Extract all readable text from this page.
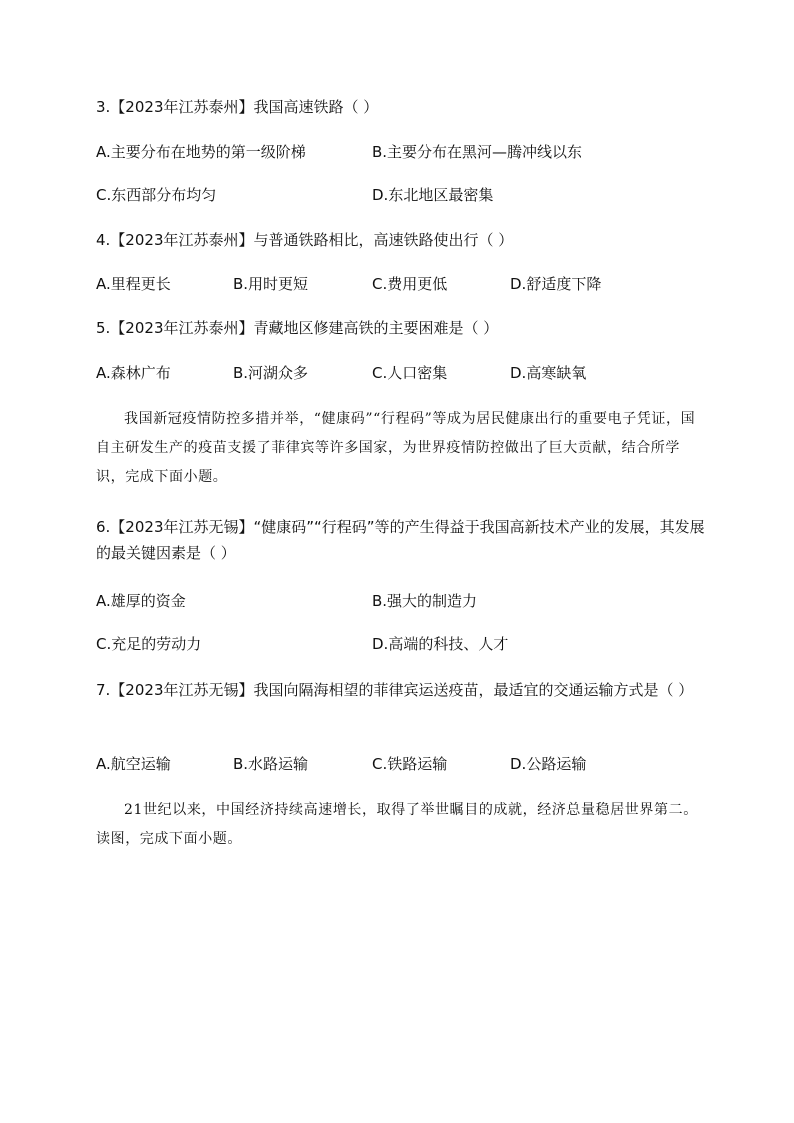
3.【2023年江苏泰州】我国高速铁路（ ）
A.主要分布在地势的第一级阶梯	B.主要分布在黑河—腾冲线以东
C.东西部分布均匀	D.东北地区最密集
4.【2023年江苏泰州】与普通铁路相比，高速铁路使出行（ ）
A.里程更长	B.用时更短	C.费用更低	D.舒适度下降
5.【2023年江苏泰州】青藏地区修建高铁的主要困难是（ ）
A.森林广布	B.河湖众多	C.人口密集	D.高寒缺氧
我国新冠疫情防控多措并举，“健康码”“行程码”等成为居民健康出行的重要电子凭证，国自主研发生产的疫苗支援了菲律宾等许多国家，为世界疫情防控做出了巨大贡献，结合所学识，完成下面小题。
6.【2023年江苏无锡】“健康码”“行程码”等的产生得益于我国高新技术产业的发展，其发展的最关键因素是（ ）
A.雄厚的资金	B.强大的制造力
C.充足的劳动力	D.高端的科技、人才
7.【2023年江苏无锡】我国向隔海相望的菲律宾运送疫苗，最适宜的交通运输方式是（ ）
A.航空运输	B.水路运输	C.铁路运输	D.公路运输
21世纪以来，中国经济持续高速增长，取得了举世瞩目的成就，经济总量稳居世界第二。读图，完成下面小题。
